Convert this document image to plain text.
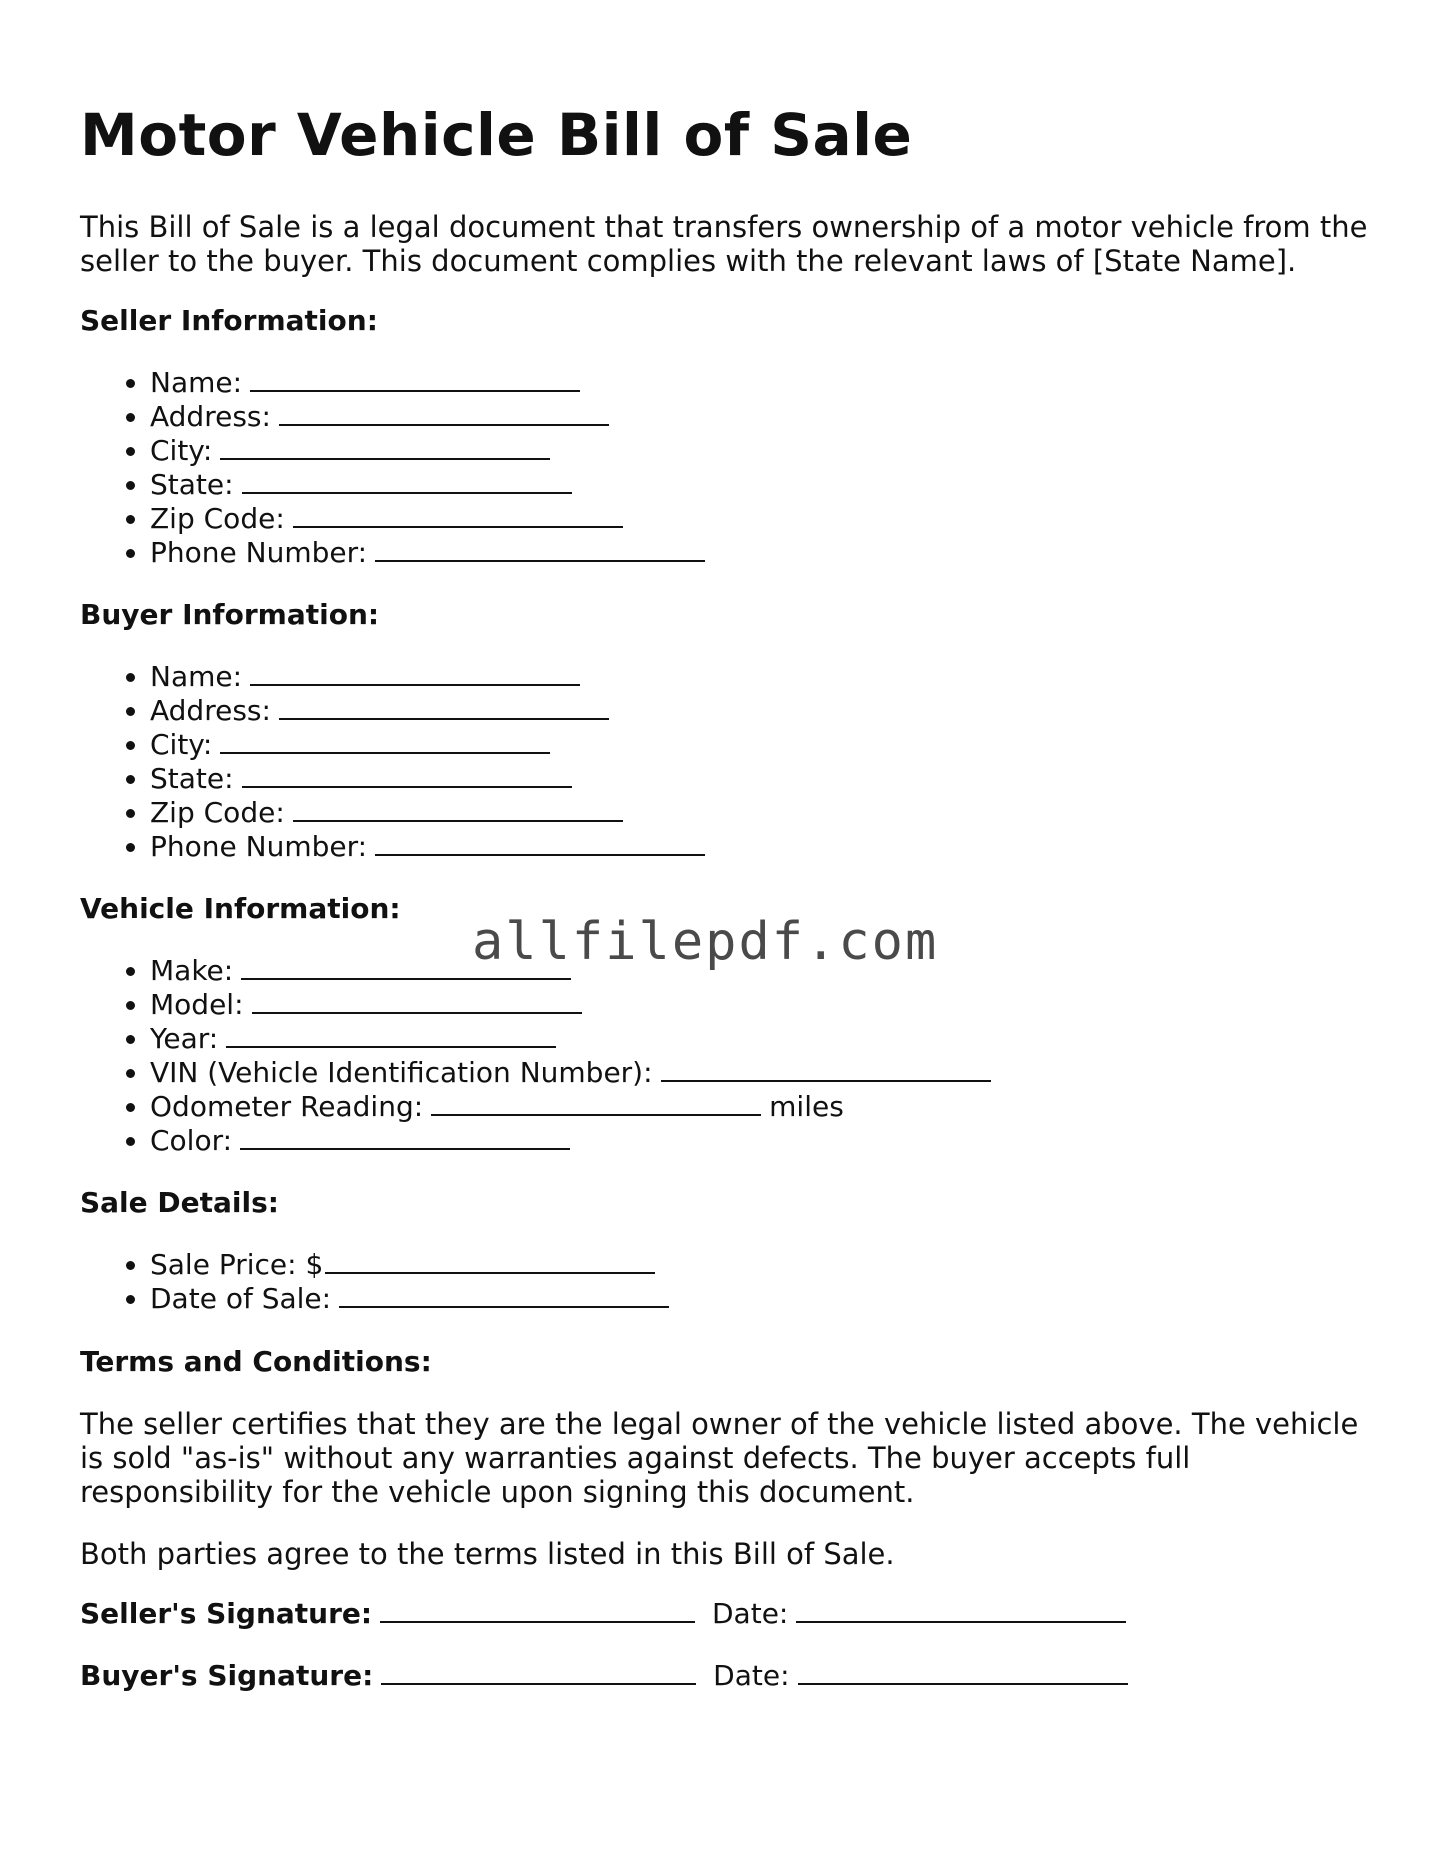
Motor Vehicle Bill of Sale

This Bill of Sale is a legal document that transfers ownership of a motor vehicle from the seller to the buyer. This document complies with the relevant laws of [State Name].

Seller Information:

• Name:
• Address:
• City:
• State:
• Zip Code:
• Phone Number:

Buyer Information:

• Name:
• Address:
• City:
• State:
• Zip Code:
• Phone Number:

Vehicle Information:

• Make:
• Model:
• Year:
• VIN (Vehicle Identification Number):
• Odometer Reading:	miles
• Color:

Sale Details:

• Sale Price: $
• Date of Sale:

Terms and Conditions:

The seller certifies that they are the legal owner of the vehicle listed above. The vehicle is sold "as-is" without any warranties against defects. The buyer accepts full responsibility for the vehicle upon signing this document.

Both parties agree to the terms listed in this Bill of Sale.

Seller's Signature:	Date:

Buyer's Signature:	Date:

allfilepdf.com
